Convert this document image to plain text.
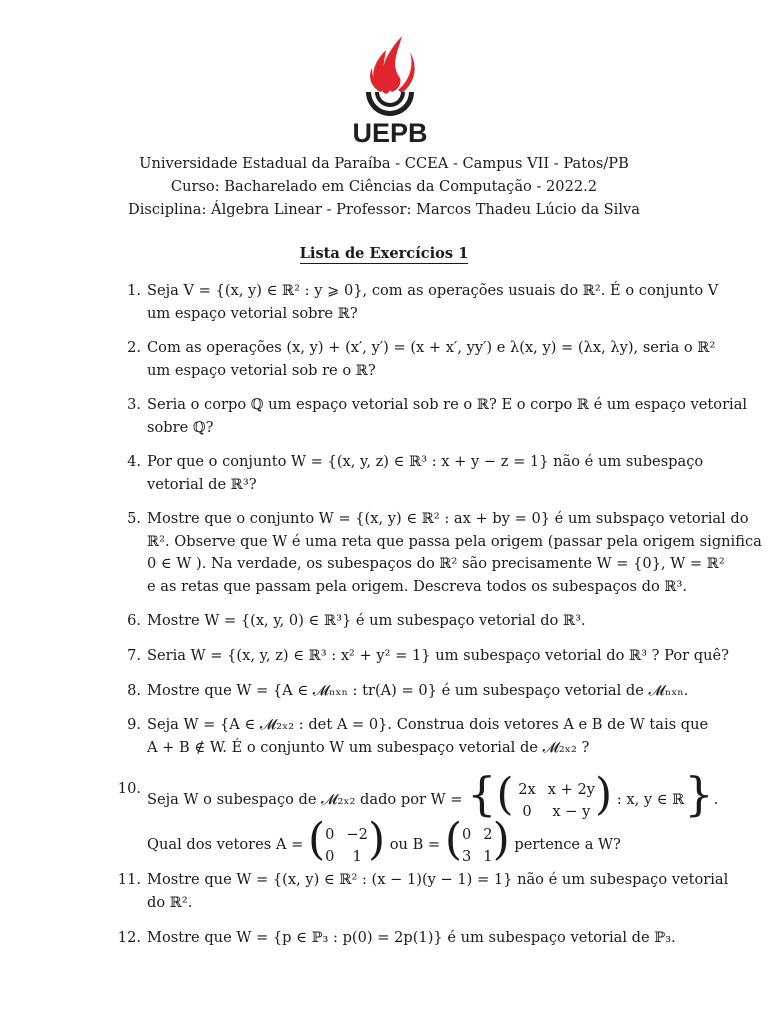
UEPB
Universidade Estadual da Paraíba - CCEA - Campus VII - Patos/PB
Curso: Bacharelado em Ciências da Computação - 2022.2
Disciplina: Álgebra Linear - Professor: Marcos Thadeu Lúcio da Silva
Lista de Exercícios 1
1. Seja V = {(x, y) ∈ ℝ² : y ⩾ 0}, com as operações usuais do ℝ². É o conjunto V

um espaço vetorial sobre ℝ?

2. Com as operações (x, y) + (x′, y′) = (x + x′, yy′) e λ(x, y) = (λx, λy), seria o ℝ²

um espaço vetorial sob re o ℝ?

3. Seria o corpo ℚ um espaço vetorial sob re o ℝ? E o corpo ℝ é um espaço vetorial

sobre ℚ?

4. Por que o conjunto W = {(x, y, z) ∈ ℝ³ : x + y − z = 1} não é um subespaço

vetorial de ℝ³?

5. Mostre que o conjunto W = {(x, y) ∈ ℝ² : ax + by = 0} é um subspaço vetorial do

ℝ². Observe que W é uma reta que passa pela origem (passar pela origem significa

0 ∈ W ). Na verdade, os subespaços do ℝ² são precisamente W = {0}, W = ℝ²

e as retas que passam pela origem. Descreva todos os subespaços do ℝ³.

6. Mostre W = {(x, y, 0) ∈ ℝ³} é um subespaço vetorial do ℝ³.

7. Seria W = {(x, y, z) ∈ ℝ³ : x² + y² = 1} um subespaço vetorial do ℝ³ ? Por quê?

8. Mostre que W = {A ∈ 𝓜ₙₓₙ : tr(A) = 0} é um subespaço vetorial de 𝓜ₙₓₙ.

9. Seja W = {A ∈ 𝓜₂ₓ₂ : det A = 0}. Construa dois vetores A e B de W tais que

A + B ∉ W. É o conjunto W um subespaço vetorial de 𝓜₂ₓ₂ ?

10.
Seja W o subespaço de 𝓜₂ₓ₂ dado por W = {( 2x x + 2y
0	x − y ) : x, y ∈ ℝ}.
Qual dos vetores A = ( 0 −2
0	1 ) ou B = ( 0 2
3 1 ) pertence a W?
11. Mostre que W = {(x, y) ∈ ℝ² : (x − 1)(y − 1) = 1} não é um subespaço vetorial

do ℝ².

12. Mostre que W = {p ∈ ℙ₃ : p(0) = 2p(1)} é um subespaço vetorial de ℙ₃.
